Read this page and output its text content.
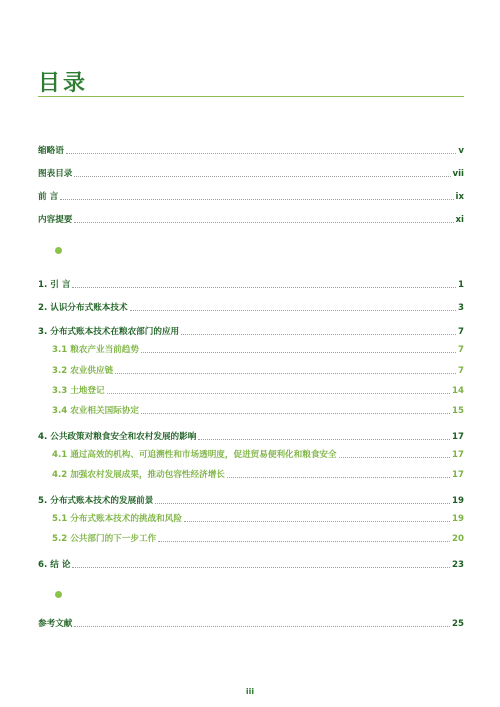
目录
缩略语	v
图表目录	vii
前 言	ix
内容提要	xi
1. 引 言	1
2. 认识分布式账本技术	3
3. 分布式账本技术在粮农部门的应用	7
3.1 粮农产业当前趋势	7
3.2 农业供应链	7
3.3 土地登记	14
3.4 农业相关国际协定	15
4. 公共政策对粮食安全和农村发展的影响	17
4.1 通过高效的机构、可追溯性和市场透明度，促进贸易便利化和粮食安全	17
4.2 加强农村发展成果，推动包容性经济增长	17
5. 分布式账本技术的发展前景	19
5.1 分布式账本技术的挑战和风险	19
5.2 公共部门的下一步工作	20
6. 结 论	23
参考文献	25
iii
